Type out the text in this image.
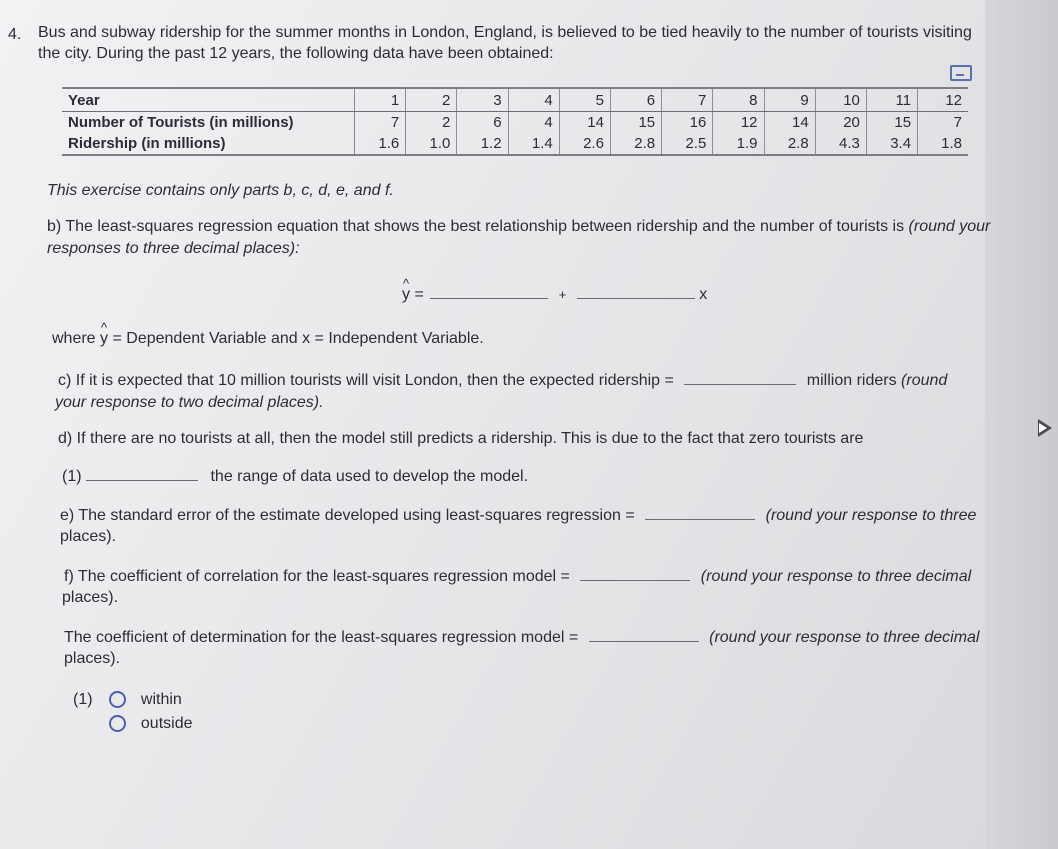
4. Bus and subway ridership for the summer months in London, England, is believed to be tied heavily to the number of tourists visiting the city. During the past 12 years, the following data have been obtained:
Year	1	2	3	4	5	6	7	8	9	10	11	12
Number of Tourists (in millions)	7	2	6	4	14	15	16	12	14	20	15	7
Ridership (in millions)	1.6	1.0	1.2	1.4	2.6	2.8	2.5	1.9	2.8	4.3	3.4	1.8
This exercise contains only parts b, c, d, e, and f.
b) The least-squares regression equation that shows the best relationship between ridership and the number of tourists is (round your responses to three decimal places):
^ y =	+	x
where ^ y = Dependent Variable and x = Independent Variable.
c) If it is expected that 10 million tourists will visit London, then the expected ridership =	million riders (round
your response to two decimal places).
d) If there are no tourists at all, then the model still predicts a ridership. This is due to the fact that zero tourists are
(1)	the range of data used to develop the model.
e) The standard error of the estimate developed using least-squares regression =	(round your response to three
places).
f) The coefficient of correlation for the least-squares regression model =	(round your response to three decimal
places).
The coefficient of determination for the least-squares regression model =	(round your response to three decimal
places).
(1)	within
outside
